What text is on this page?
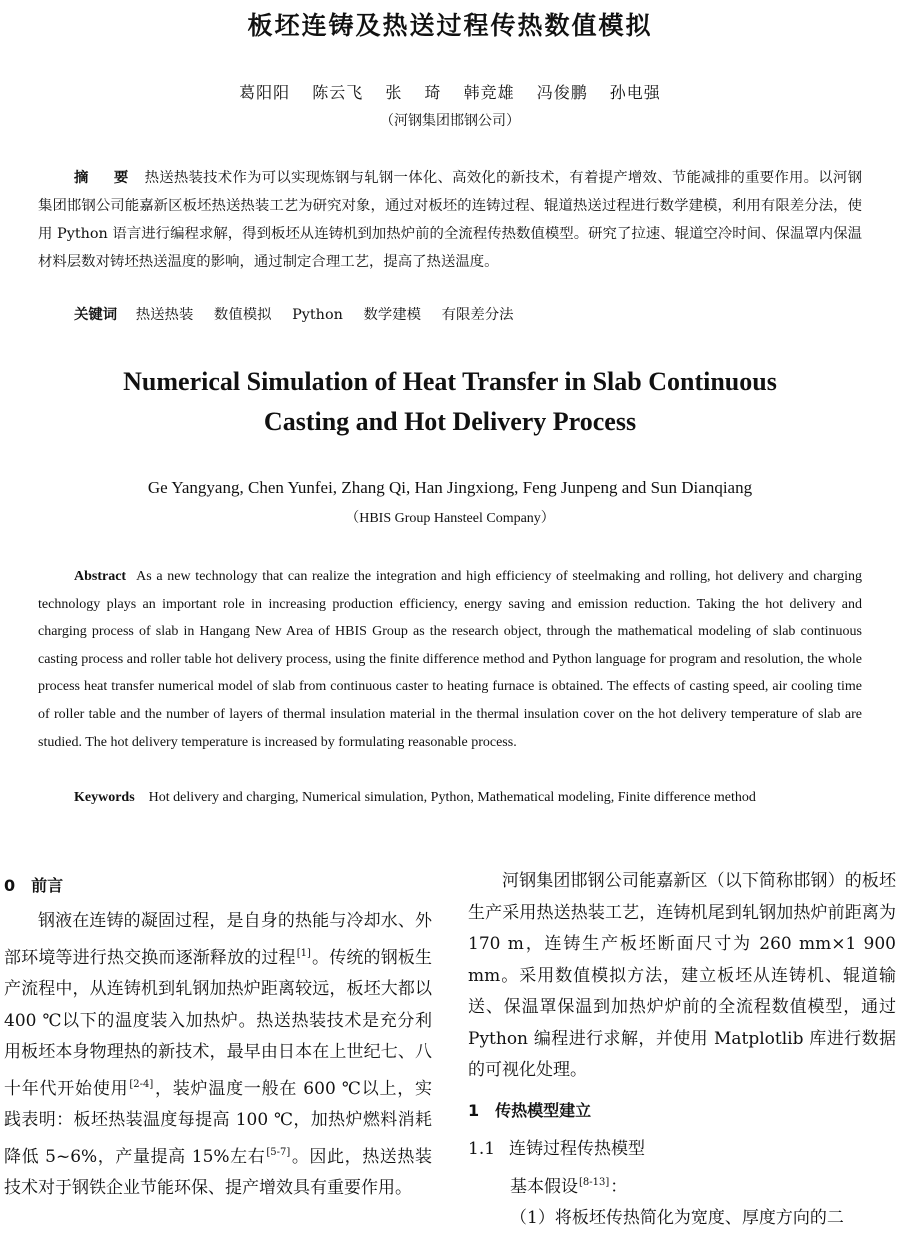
板坯连铸及热送过程传热数值模拟
葛阳阳 陈云飞 张 琦 韩竞雄 冯俊鹏 孙电强
（河钢集团邯钢公司）
摘 要 热送热装技术作为可以实现炼钢与轧钢一体化、高效化的新技术，有着提产增效、节能减排的重要作用。以河钢集团邯钢公司能嘉新区板坯热送热装工艺为研究对象，通过对板坯的连铸过程、辊道热送过程进行数学建模，利用有限差分法，使用 Python 语言进行编程求解，得到板坯从连铸机到加热炉前的全流程传热数值模型。研究了拉速、辊道空冷时间、保温罩内保温材料层数对铸坯热送温度的影响，通过制定合理工艺，提高了热送温度。
关键词 热送热装 数值模拟 Python 数学建模 有限差分法
Numerical Simulation of Heat Transfer in Slab Continuous
Casting and Hot Delivery Process
Ge Yangyang, Chen Yunfei, Zhang Qi, Han Jingxiong, Feng Junpeng and Sun Dianqiang
（HBIS Group Hansteel Company）
Abstract As a new technology that can realize the integration and high efficiency of steelmaking and rolling, hot delivery and charging technology plays an important role in increasing production efficiency, energy saving and emission reduction. Taking the hot delivery and charging process of slab in Hangang New Area of HBIS Group as the research object, through the mathematical modeling of slab continuous casting process and roller table hot delivery process, using the finite difference method and Python language for program and resolution, the whole process heat transfer numerical model of slab from continuous caster to heating furnace is obtained. The effects of casting speed, air cooling time of roller table and the number of layers of thermal insulation material in the thermal insulation cover on the hot delivery temperature of slab are studied. The hot delivery temperature is increased by formulating reasonable process.
Keywords Hot delivery and charging, Numerical simulation, Python, Mathematical modeling, Finite difference method
0 前言

钢液在连铸的凝固过程，是自身的热能与冷却水、外部环境等进行热交换而逐渐释放的过程[1]。传统的钢板生产流程中，从连铸机到轧钢加热炉距离较远，板坯大都以 400 ℃以下的温度装入加热炉。热送热装技术是充分利用板坯本身物理热的新技术，最早由日本在上世纪七、八十年代开始使用[2-4]，装炉温度一般在 600 ℃以上，实践表明：板坯热装温度每提高 100 ℃，加热炉燃料消耗降低 5~6%，产量提高 15%左右[5-7]。因此，热送热装技术对于钢铁企业节能环保、提产增效具有重要作用。

河钢集团邯钢公司能嘉新区（以下简称邯钢）的板坯生产采用热送热装工艺，连铸机尾到轧钢加热炉前距离为 170 m，连铸生产板坯断面尺寸为 260 mm×1 900 mm。采用数值模拟方法，建立板坯从连铸机、辊道输送、保温罩保温到加热炉炉前的全流程数值模型，通过 Python 编程进行求解，并使用 Matplotlib 库进行数据的可视化处理。

1 传热模型建立
1.1 连铸过程传热模型

基本假设[8-13]：

（1）将板坯传热简化为宽度、厚度方向的二
